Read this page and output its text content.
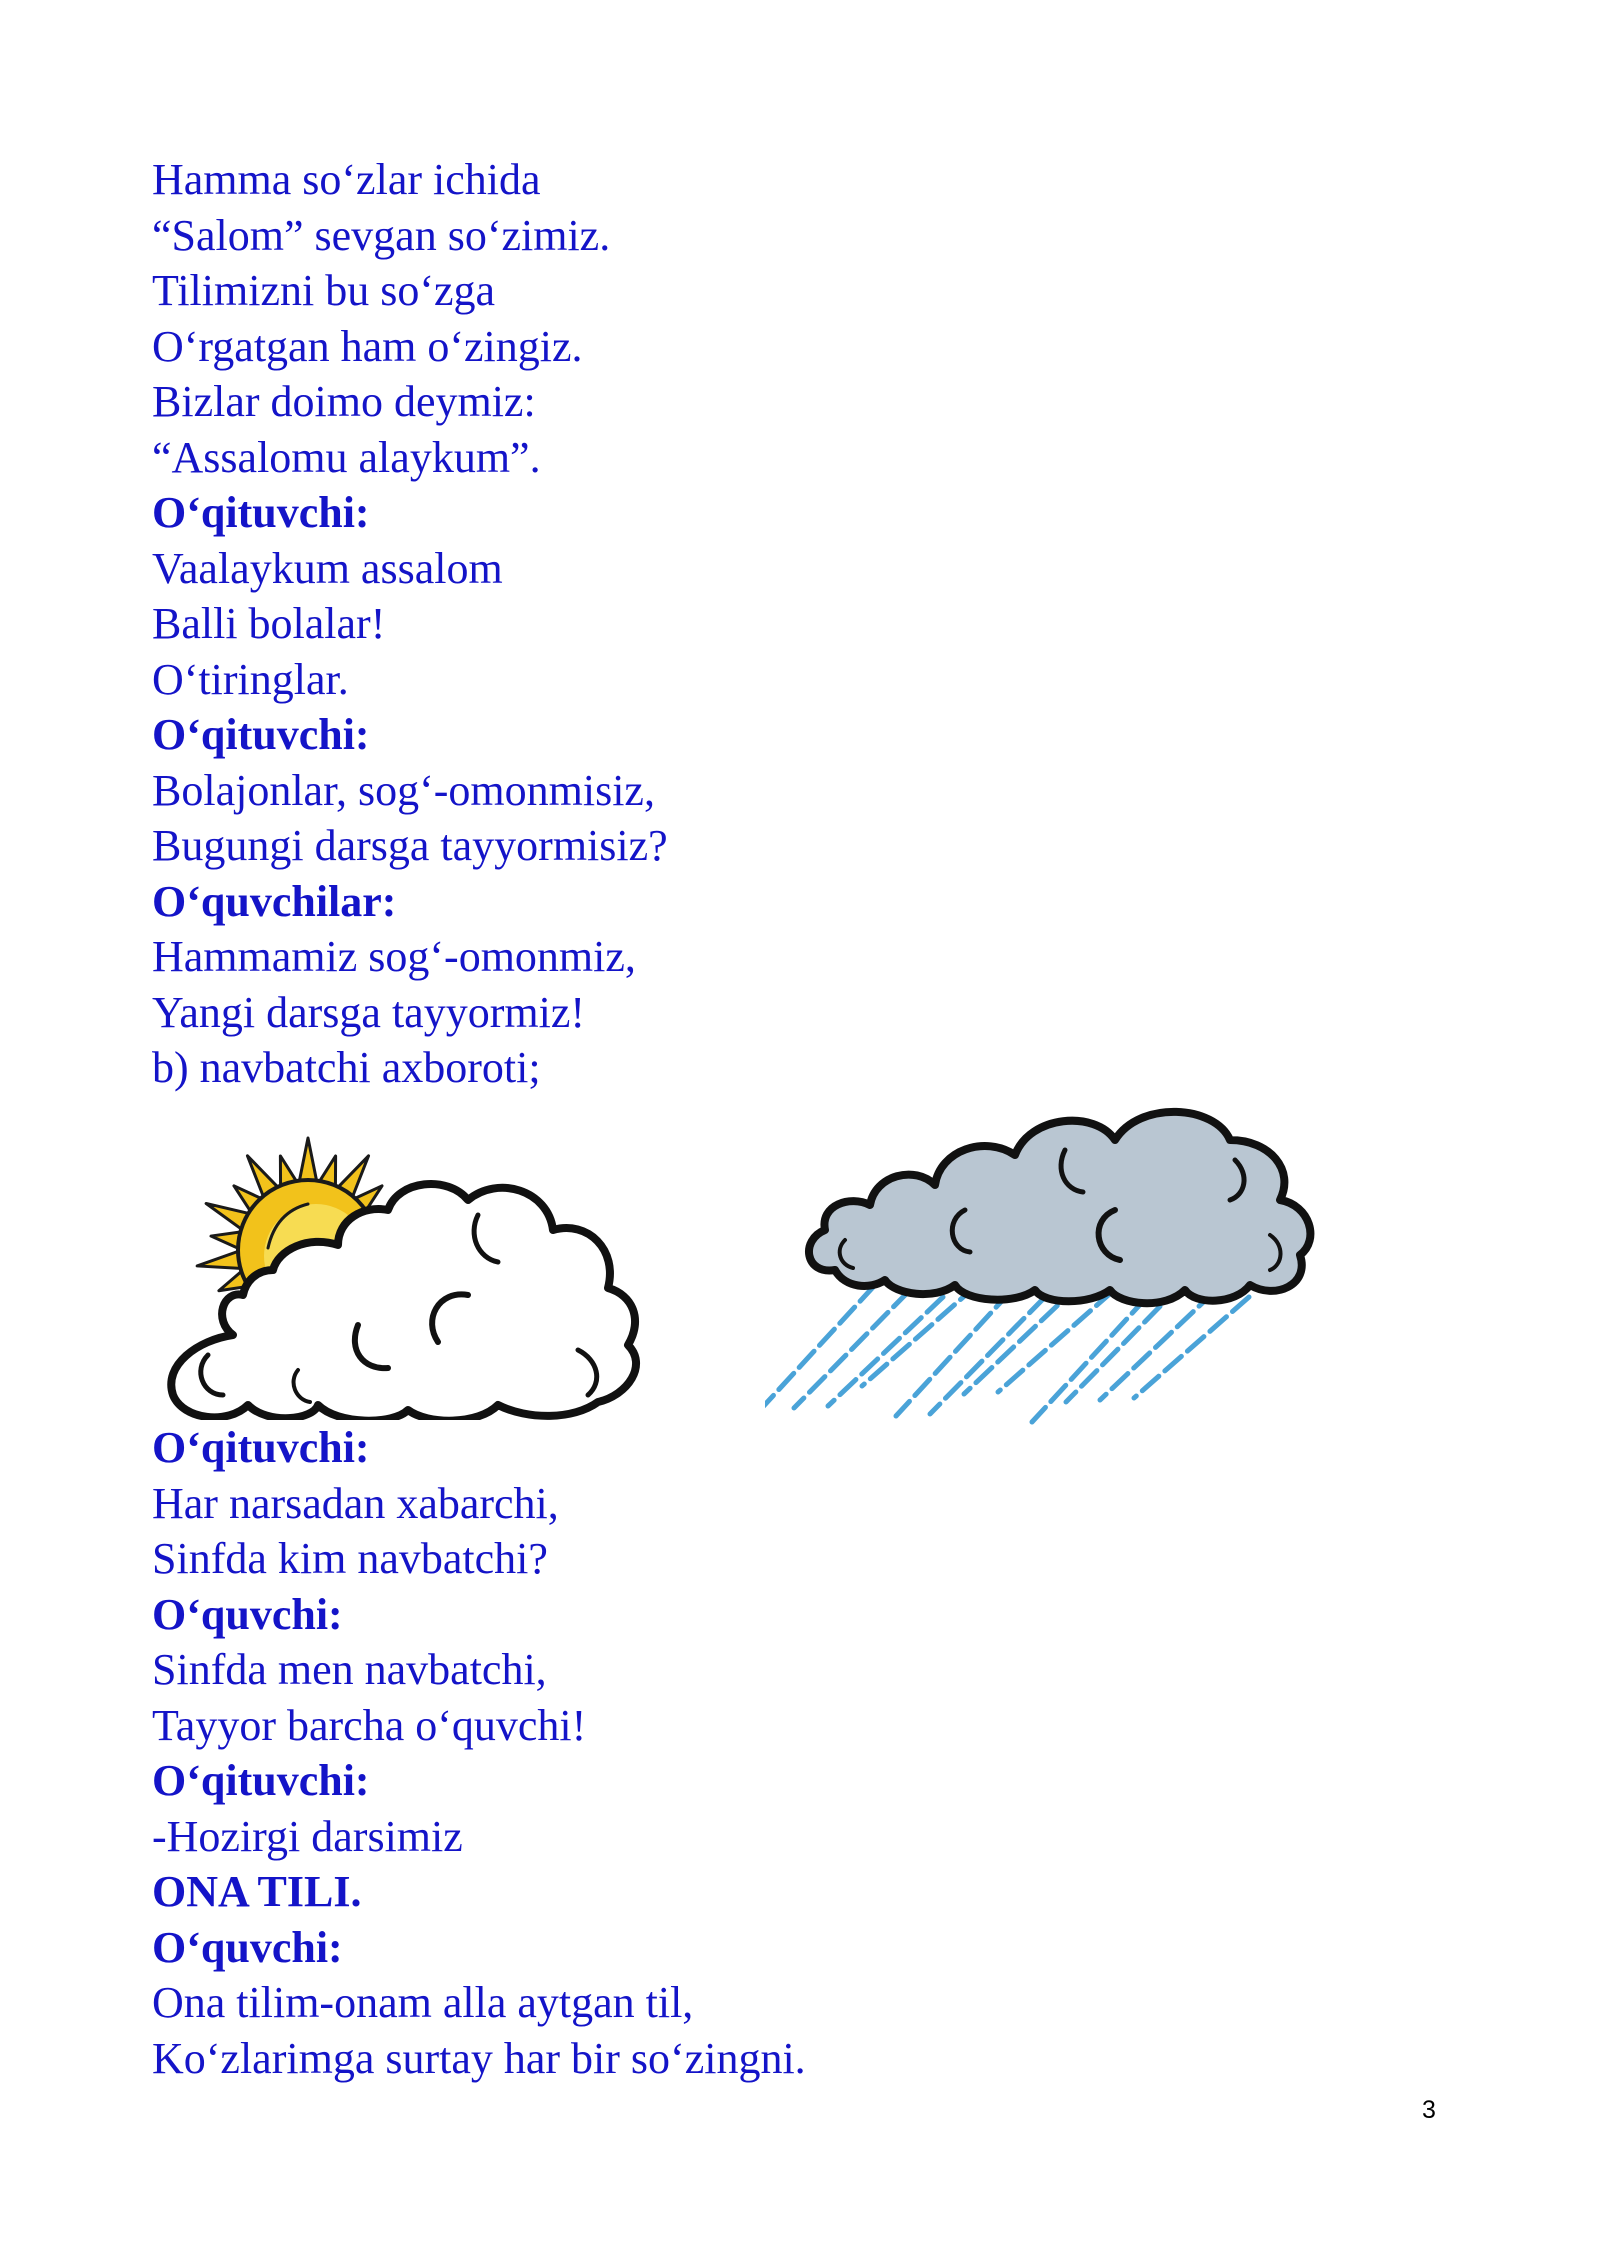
Hamma so‘zlar ichida
“Salom” sevgan so‘zimiz.
Tilimizni bu so‘zga
O‘rgatgan ham o‘zingiz.
Bizlar doimo deymiz:
“Assalomu alaykum”.
O‘qituvchi:
Vaalaykum assalom
Balli bolalar!
O‘tiringlar.
O‘qituvchi:
Bolajonlar, sog‘-omonmisiz,
Bugungi darsga tayyormisiz?
O‘quvchilar:
Hammamiz sog‘-omonmiz,
Yangi darsga tayyormiz!
b) navbatchi axboroti;
O‘qituvchi:
Har narsadan xabarchi,
Sinfda kim navbatchi?
O‘quvchi:
Sinfda men navbatchi,
Tayyor barcha o‘quvchi!
O‘qituvchi:
-Hozirgi darsimiz
ONA TILI.
O‘quvchi:
Ona tilim-onam alla aytgan til,
Ko‘zlarimga surtay har bir so‘zingni.
3
